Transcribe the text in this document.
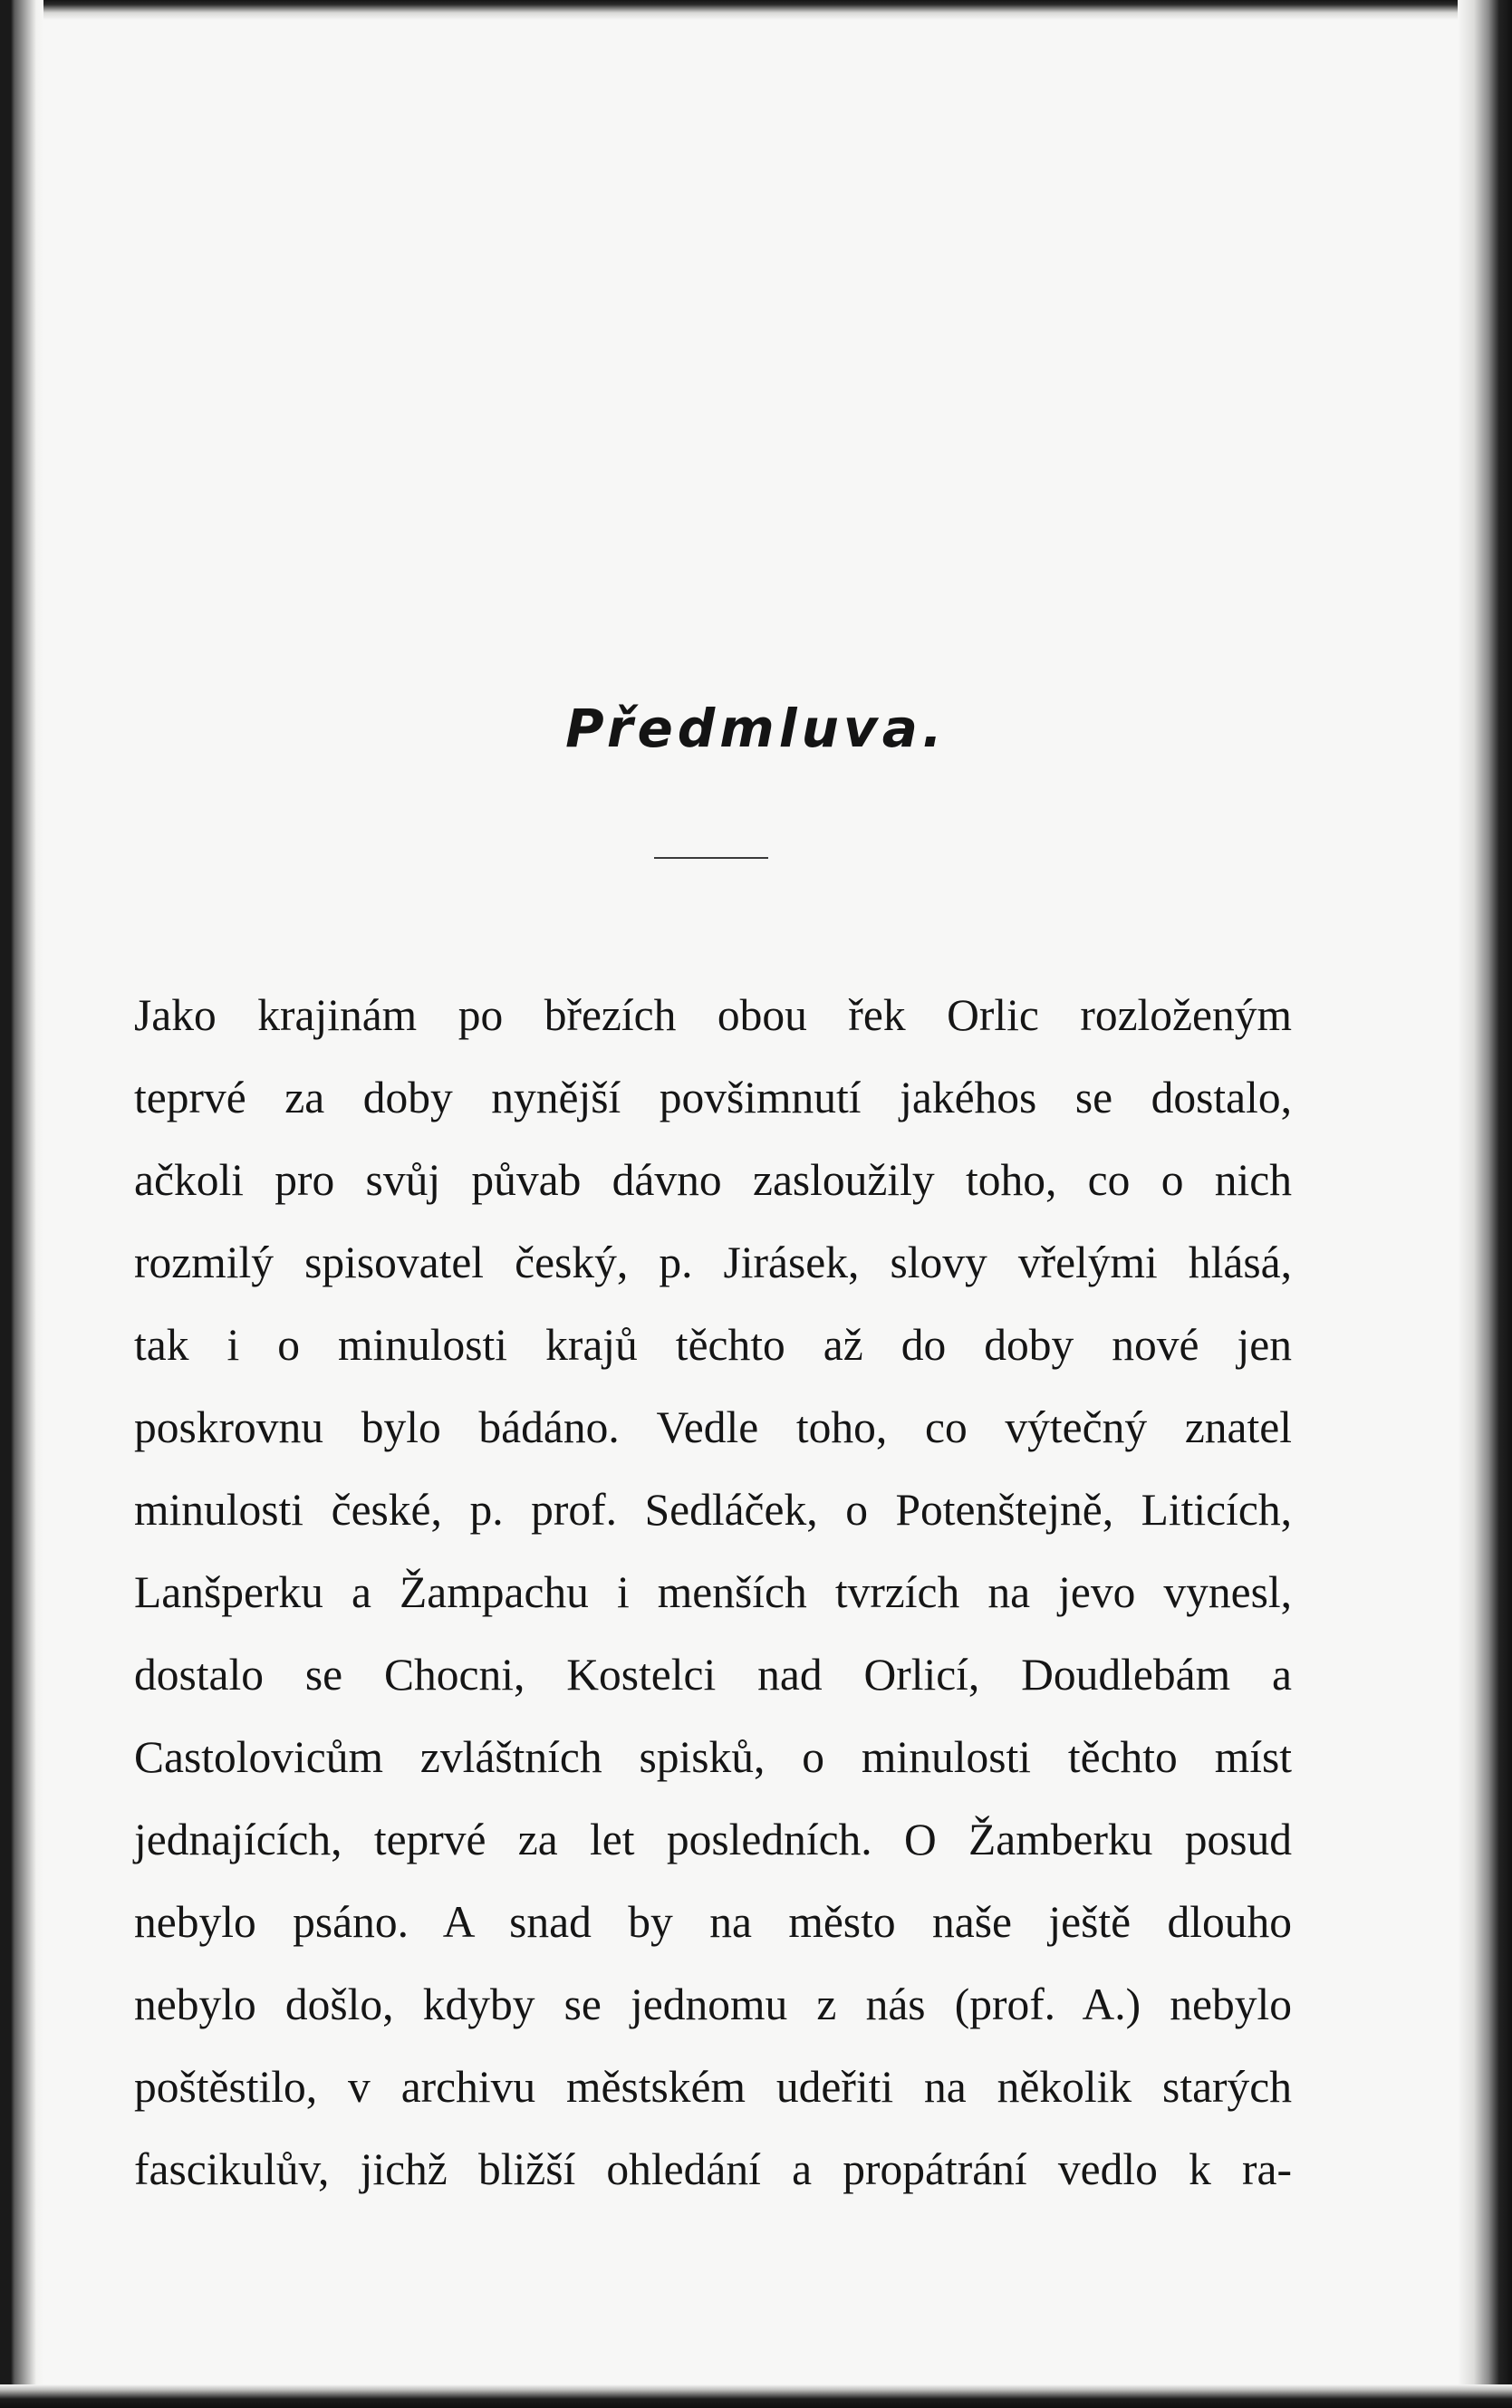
Předmluva.
Jako krajinám po březích obou řek Orlic rozloženým
teprvé za doby nynější povšimnutí jakéhos se dostalo,
ačkoli pro svůj půvab dávno zasloužily toho, co o nich
rozmilý spisovatel český, p. Jirásek, slovy vřelými hlásá,
tak i o minulosti krajů těchto až do doby nové jen
poskrovnu bylo bádáno. Vedle toho, co výtečný znatel
minulosti české, p. prof. Sedláček, o Potenštejně, Liticích,
Lanšperku a Žampachu i menších tvrzích na jevo vynesl,
dostalo se Chocni, Kostelci nad Orlicí, Doudlebám a
Castolovicům zvláštních spisků, o minulosti těchto míst
jednajících, teprvé za let posledních. O Žamberku posud
nebylo psáno. A snad by na město naše ještě dlouho
nebylo došlo, kdyby se jednomu z nás (prof. A.) nebylo
poštěstilo, v archivu městském udeřiti na několik starých
fascikulův, jichž bližší ohledání a propátrání vedlo k ra-
